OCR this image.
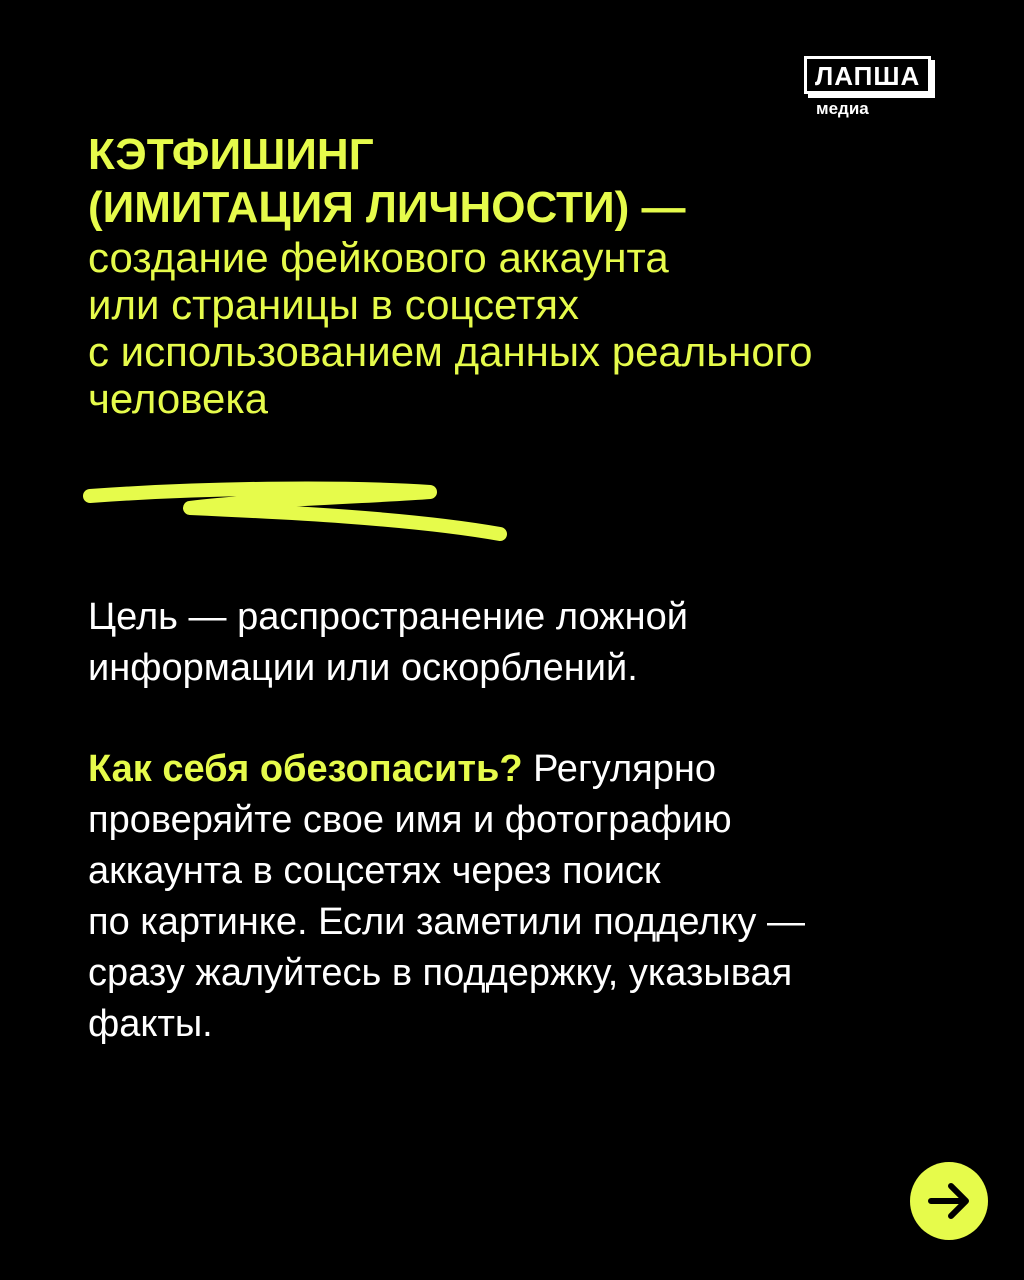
ЛАПША
медиа
КЭТФИШИНГ
(ИМИТАЦИЯ ЛИЧНОСТИ) —
создание фейкового аккаунта
или страницы в соцсетях
с использованием данных реального
человека

Цель — распространение ложной
информации или оскорблений.

Как себя обезопасить? Регулярно
проверяйте свое имя и фотографию
аккаунта в соцсетях через поиск
по картинке. Если заметили подделку —
сразу жалуйтесь в поддержку, указывая
факты.
